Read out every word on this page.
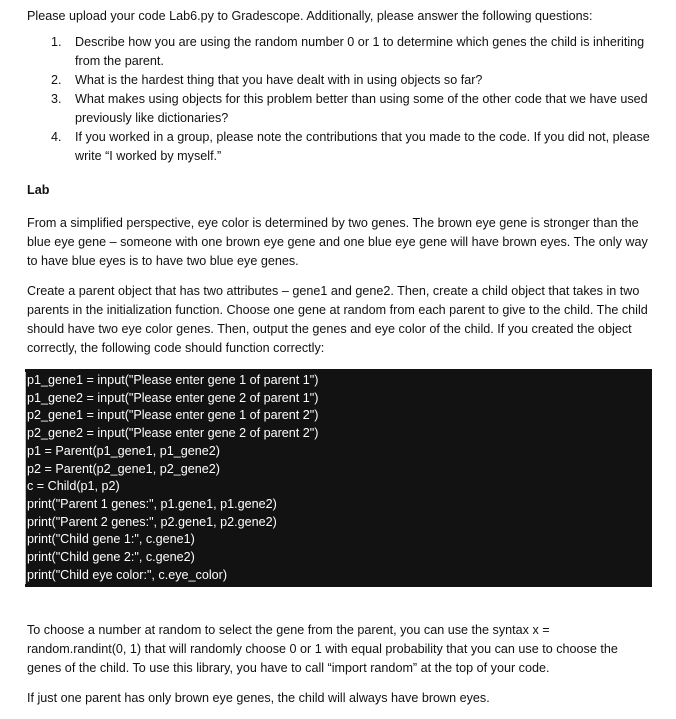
Please upload your code Lab6.py to Gradescope. Additionally, please answer the following questions:

1. Describe how you are using the random number 0 or 1 to determine which genes the child is inheriting from the parent.
2. What is the hardest thing that you have dealt with in using objects so far?
3. What makes using objects for this problem better than using some of the other code that we have used previously like dictionaries?
4. If you worked in a group, please note the contributions that you made to the code. If you did not, please write “I worked by myself.”

Lab

From a simplified perspective, eye color is determined by two genes. The brown eye gene is stronger than the blue eye gene – someone with one brown eye gene and one blue eye gene will have brown eyes. The only way to have blue eyes is to have two blue eye genes.

Create a parent object that has two attributes – gene1 and gene2. Then, create a child object that takes in two parents in the initialization function. Choose one gene at random from each parent to give to the child. The child should have two eye color genes. Then, output the genes and eye color of the child. If you created the object correctly, the following code should function correctly:

p1_gene1 = input("Please enter gene 1 of parent 1")
p1_gene2 = input("Please enter gene 2 of parent 1")
p2_gene1 = input("Please enter gene 1 of parent 2")
p2_gene2 = input("Please enter gene 2 of parent 2")
p1 = Parent(p1_gene1, p1_gene2)
p2 = Parent(p2_gene1, p2_gene2)
c = Child(p1, p2)
print("Parent 1 genes:", p1.gene1, p1.gene2)
print("Parent 2 genes:", p2.gene1, p2.gene2)
print("Child gene 1:", c.gene1)
print("Child gene 2:", c.gene2)
print("Child eye color:", c.eye_color)

To choose a number at random to select the gene from the parent, you can use the syntax x = random.randint(0, 1) that will randomly choose 0 or 1 with equal probability that you can use to choose the genes of the child. To use this library, you have to call “import random” at the top of your code.

If just one parent has only brown eye genes, the child will always have brown eyes.
